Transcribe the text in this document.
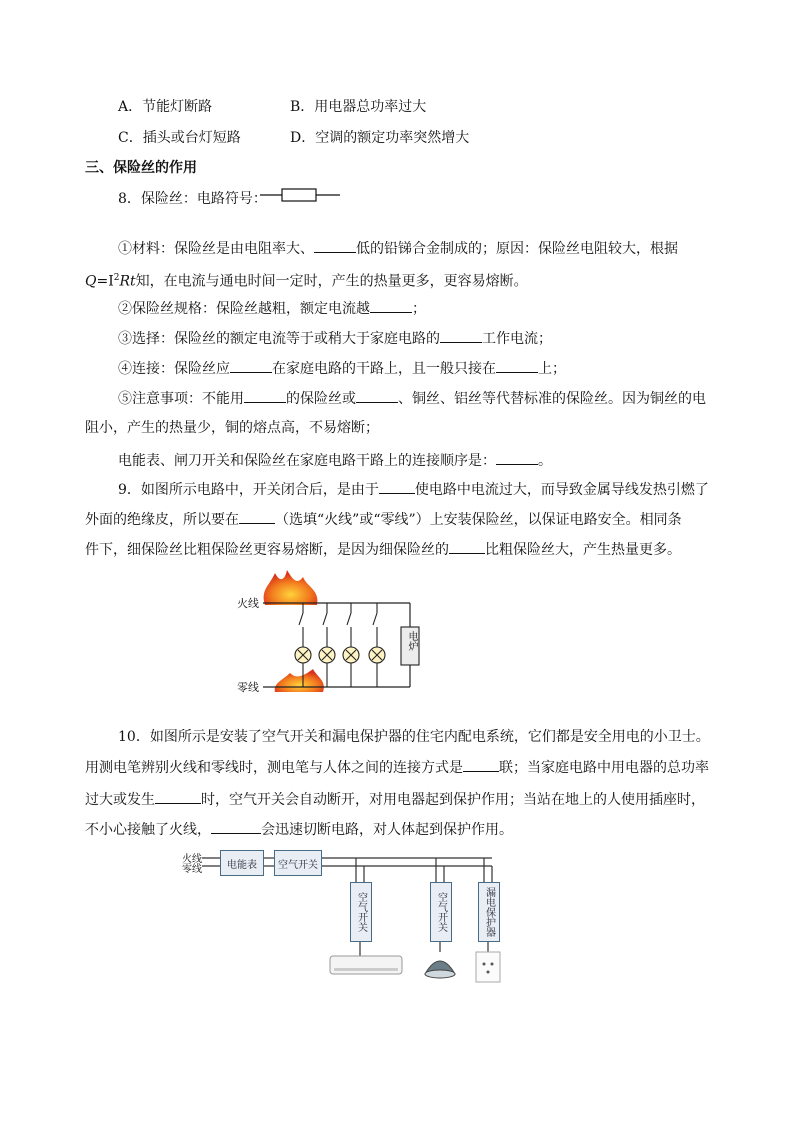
A．节能灯断路	B．用电器总功率过大
C．插头或台灯短路	D．空调的额定功率突然增大
三、保险丝的作用
8．保险丝：电路符号：
①材料：保险丝是由电阻率大、	低的铅锑合金制成的；原因：保险丝电阻较大，根据
$Q=I^2Rt$知，在电流与通电时间一定时，产生的热量更多，更容易熔断。
②保险丝规格：保险丝越粗，额定电流越	；
③选择：保险丝的额定电流等于或稍大于家庭电路的	工作电流；
④连接：保险丝应	在家庭电路的干路上，且一般只接在	上；
⑤注意事项：不能用	的保险丝或	、铜丝、铝丝等代替标准的保险丝。因为铜丝的电
阻小，产生的热量少，铜的熔点高，不易熔断；
电能表、闸刀开关和保险丝在家庭电路干路上的连接顺序是：	。
9．如图所示电路中，开关闭合后，是由于	使电路中电流过大，而导致金属导线发热引燃了
外面的绝缘皮，所以要在	（选填“火线”或“零线”）上安装保险丝，以保证电路安全。相同条
件下，细保险丝比粗保险丝更容易熔断，是因为细保险丝的	比粗保险丝大，产生热量更多。
火线
零线
电炉
10．如图所示是安装了空气开关和漏电保护器的住宅内配电系统，它们都是安全用电的小卫士。
用测电笔辨别火线和零线时，测电笔与人体之间的连接方式是	联；当家庭电路中用电器的总功率
过大或发生	时，空气开关会自动断开，对用电器起到保护作用；当站在地上的人使用插座时，
不小心接触了火线，	会迅速切断电路，对人体起到保护作用。
火线
零线	电能表	空气开关
空气开关	空气开关	漏电保护器
